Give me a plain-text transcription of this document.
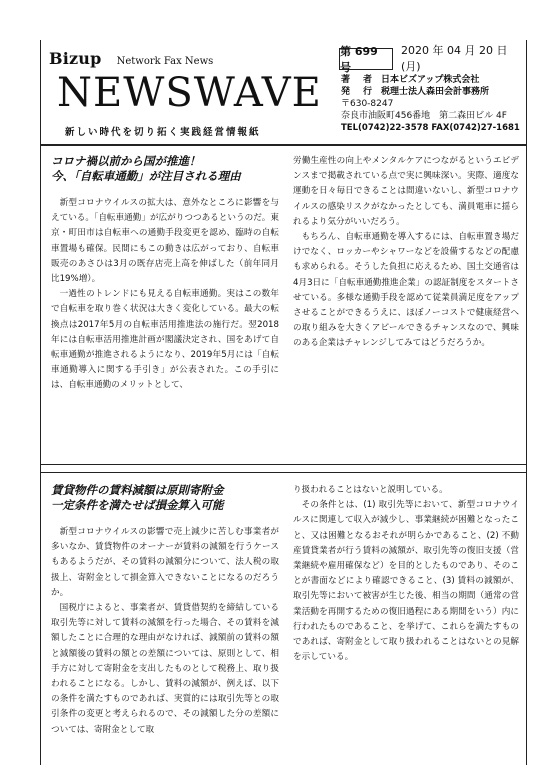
Bizup Network Fax News
NEWSWAVE
新しい時代を切り拓く実践経営情報紙
第 699 号
2020 年 04 月 20 日 (月)
著　者 日本ビズアップ株式会社
発　行 税理士法人森田会計事務所
〒630-8247
奈良市油阪町456番地　第二森田ビル 4F
TEL(0742)22-3578 FAX(0742)27-1681
コロナ禍以前から国が推進！
今、「自転車通勤」が注目される理由

新型コロナウイルスの拡大は、意外なところに影響を与えている。「自転車通勤」が広がりつつあるというのだ。東京・町田市は自転車への通勤手段変更を認め、臨時の自転車置場も確保。民間にもこの動きは広がっており、自転車販売のあさひは3月の既存店売上高を伸ばした（前年同月比19%増）。

一過性のトレンドにも見える自転車通勤。実はこの数年で自転車を取り巻く状況は大きく変化している。最大の転換点は2017年5月の自転車活用推進法の施行だ。翌2018年には自転車活用推進計画が閣議決定され、国をあげて自転車通勤が推進されるようになり、2019年5月には「自転車通勤導入に関する手引き」が公表された。この手引には、自転車通勤のメリットとして、

労働生産性の向上やメンタルケアにつながるというエビデンスまで掲載されている点で実に興味深い。実際、適度な運動を日々毎日できることは間違いないし、新型コロナウイルスの感染リスクがなかったとしても、満員電車に揺られるより気分がいいだろう。

もちろん、自転車通勤を導入するには、自転車置き場だけでなく、ロッカーやシャワーなどを設備するなどの配慮も求められる。そうした負担に応えるため、国土交通省は4月3日に「自転車通勤推進企業」の認証制度をスタートさせている。多様な通勤手段を認めて従業員満足度をアップさせることができるうえに、ほぼノーコストで健康経営への取り組みを大きくアピールできるチャンスなので、興味のある企業はチャレンジしてみてはどうだろうか。

賃貸物件の賃料減額は原則寄附金
一定条件を満たせば損金算入可能

新型コロナウイルスの影響で売上減少に苦しむ事業者が多いなか、賃貸物件のオーナーが賃料の減額を行うケースもあるようだが、その賃料の減額分について、法人税の取扱上、寄附金として損金算入できないことになるのだろうか。

国税庁によると、事業者が、賃貸借契約を締結している取引先等に対して賃料の減額を行った場合、その賃料を減額したことに合理的な理由がなければ、減額前の賃料の額と減額後の賃料の額との差額については、原則として、相手方に対して寄附金を支出したものとして税務上、取り扱われることになる。しかし、賃料の減額が、例えば、以下の条件を満たすものであれば、実質的には取引先等との取引条件の変更と考えられるので、その減額した分の差額については、寄附金として取

り扱われることはないと説明している。

その条件とは、(1) 取引先等において、新型コロナウイルスに関連して収入が減少し、事業継続が困難となったこと、又は困難となるおそれが明らかであること、(2) 不動産賃貸業者が行う賃料の減額が、取引先等の復旧支援（営業継続や雇用確保など）を目的としたものであり、そのことが書面などにより確認できること、(3) 賃料の減額が、取引先等において被害が生じた後、相当の期間（通常の営業活動を再開するための復旧過程にある期間をいう）内に行われたものであること、を挙げて、これらを満たすものであれば、寄附金として取り扱われることはないとの見解を示している。
